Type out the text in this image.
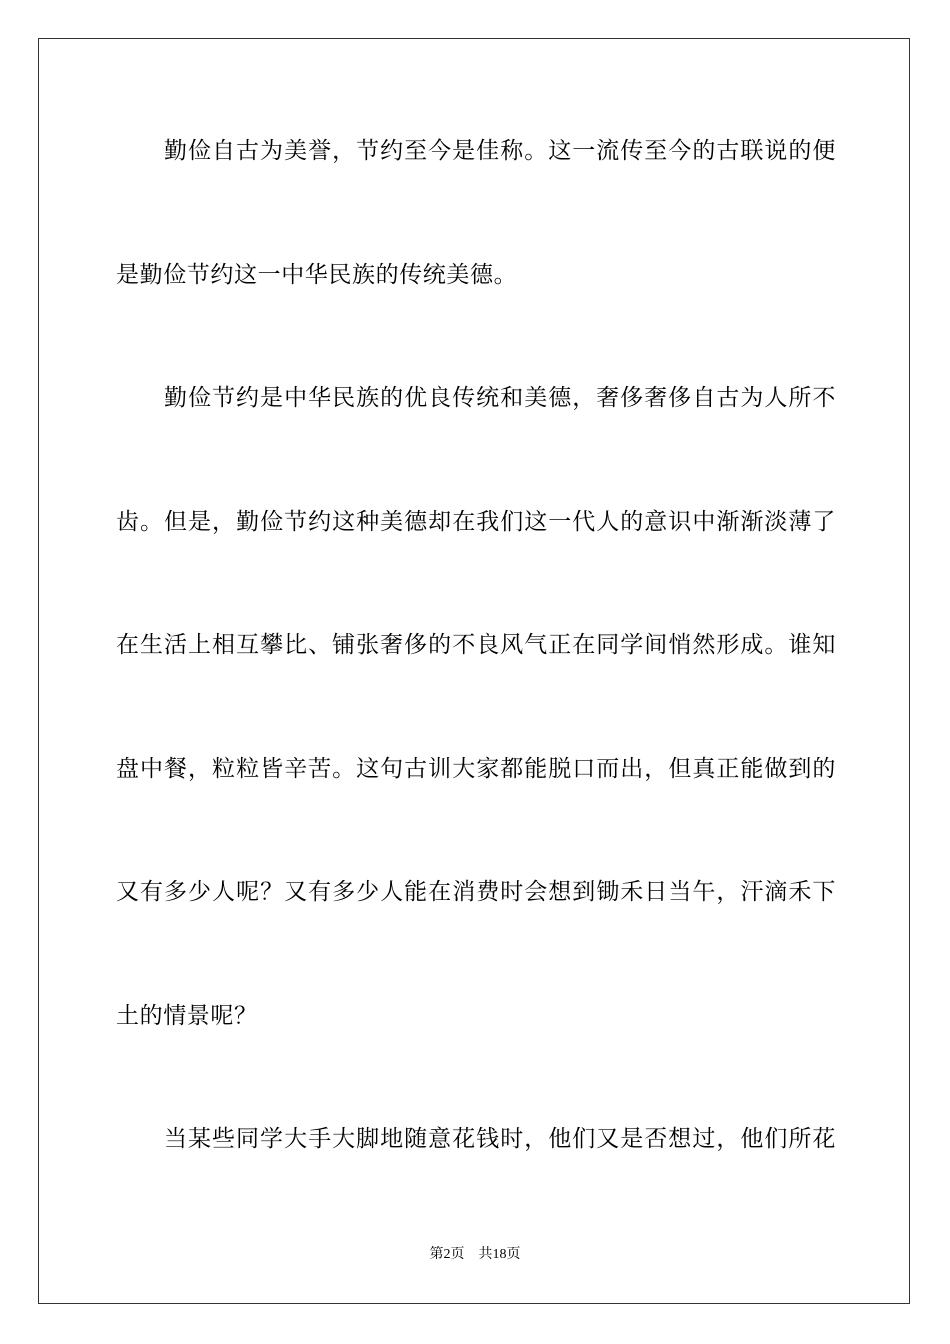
勤俭自古为美誉，节约至今是佳称。这一流传至今的古联说的便
是勤俭节约这一中华民族的传统美德。
勤俭节约是中华民族的优良传统和美德，奢侈奢侈自古为人所不
齿。但是，勤俭节约这种美德却在我们这一代人的意识中渐渐淡薄了
在生活上相互攀比、铺张奢侈的不良风气正在同学间悄然形成。谁知
盘中餐，粒粒皆辛苦。这句古训大家都能脱口而出，但真正能做到的
又有多少人呢？又有多少人能在消费时会想到锄禾日当午，汗滴禾下
土的情景呢？
当某些同学大手大脚地随意花钱时，他们又是否想过，他们所花
第2页 共18页
